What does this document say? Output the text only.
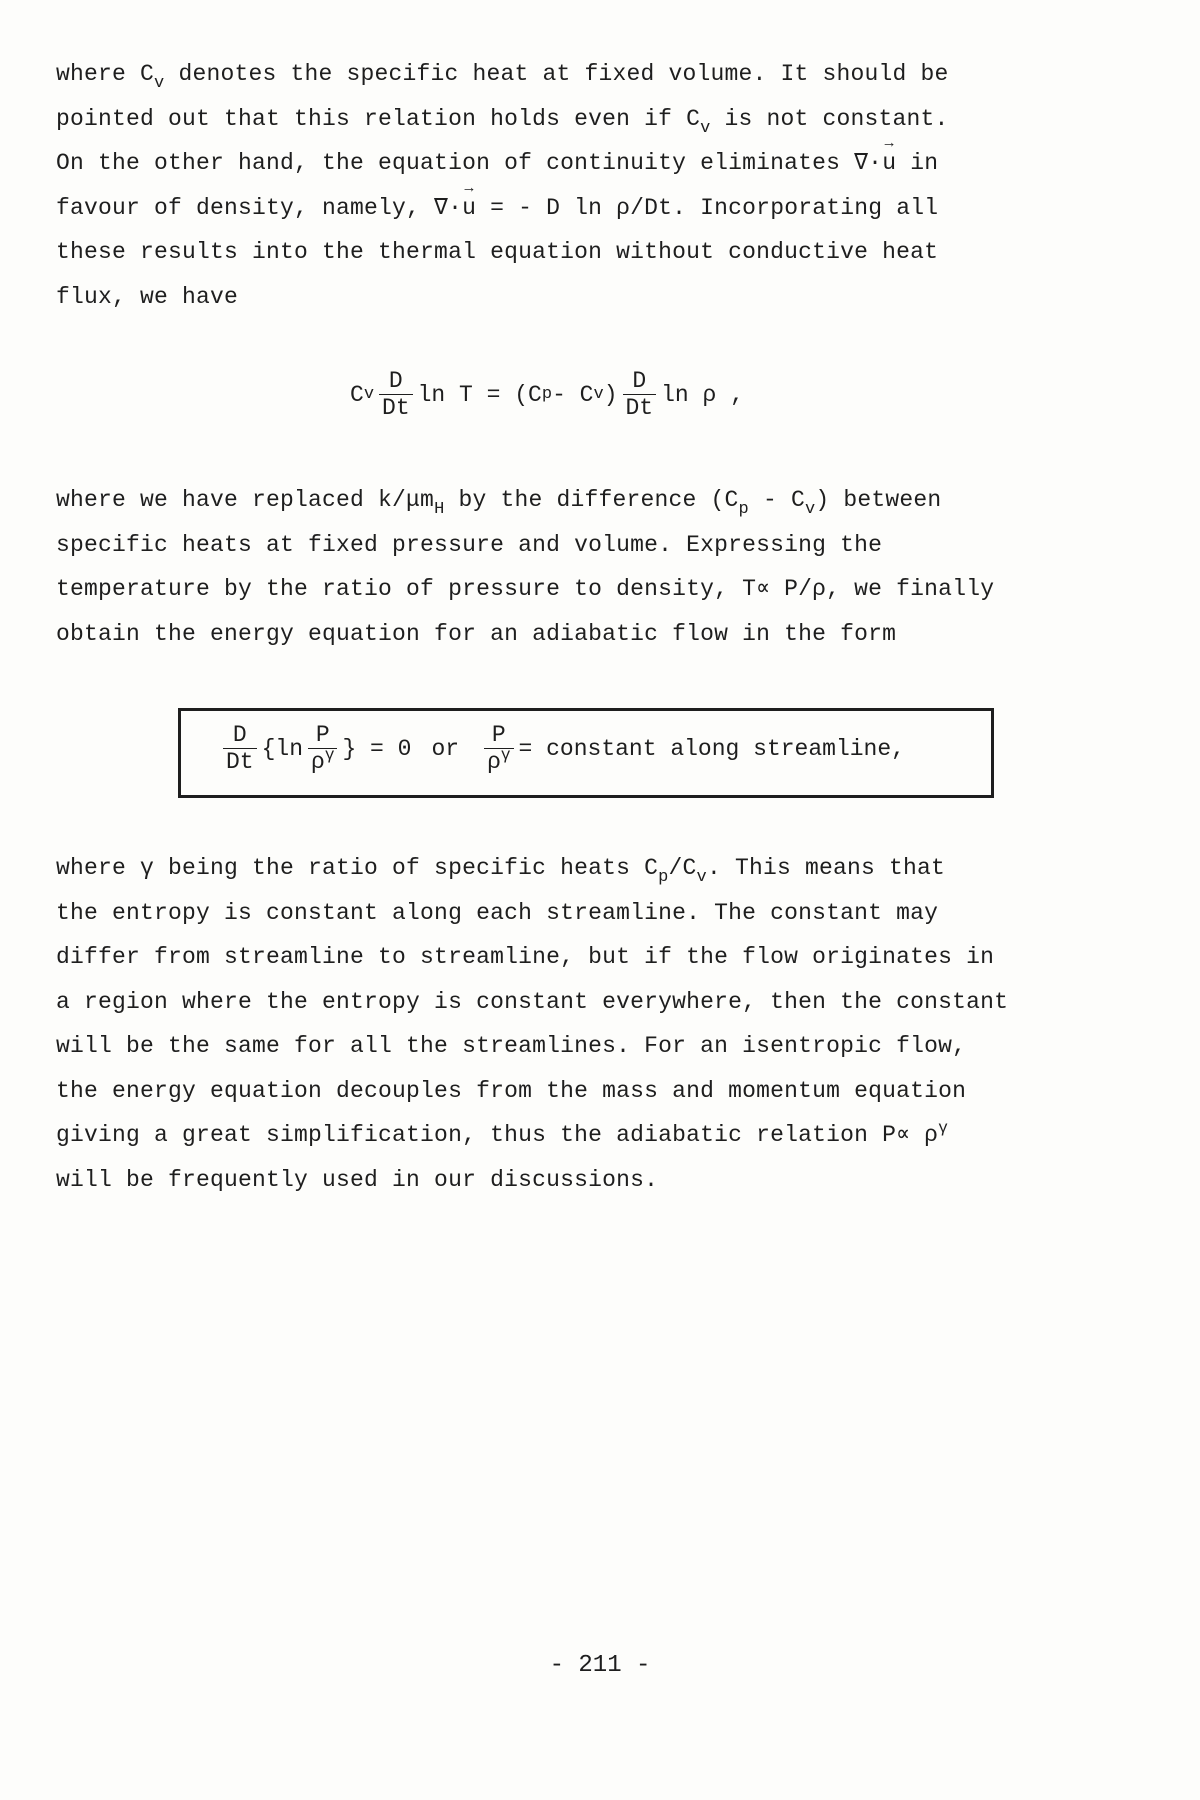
where $C_v$ denotes the specific heat at fixed volume. It should be
pointed out that this relation holds even if $C_v$ is not constant.
On the other hand, the equation of continuity eliminates ∇·→ u in
favour of density, namely, ∇·→ u = - D ln ρ/Dt. Incorporating all
these results into the thermal equation without conductive heat
flux, we have
C v $\frac{D}{Dt}$ ln T = (C p - C v ) $\frac{D}{Dt}$ ln ρ ,
where we have replaced $k/\mu m_H$ by the difference $(C_p - C_v)$ between
specific heats at fixed pressure and volume. Expressing the
temperature by the ratio of pressure to density, T∝ P/ρ, we finally
obtain the energy equation for an adiabatic flow in the form
$\frac{D}{Dt} \{\ln \frac{P}{\rho^\gamma}$ } = 0 or $\frac{P}{\rho^\gamma}$ = constant along streamline,
where γ being the ratio of specific heats $C_p/C_v$. This means that
the entropy is constant along each streamline. The constant may
differ from streamline to streamline, but if the flow originates in
a region where the entropy is constant everywhere, then the constant
will be the same for all the streamlines. For an isentropic flow,
the energy equation decouples from the mass and momentum equation
giving a great simplification, thus the adiabatic relation $P\propto \rho^\gamma$
will be frequently used in our discussions.
- 211 -
